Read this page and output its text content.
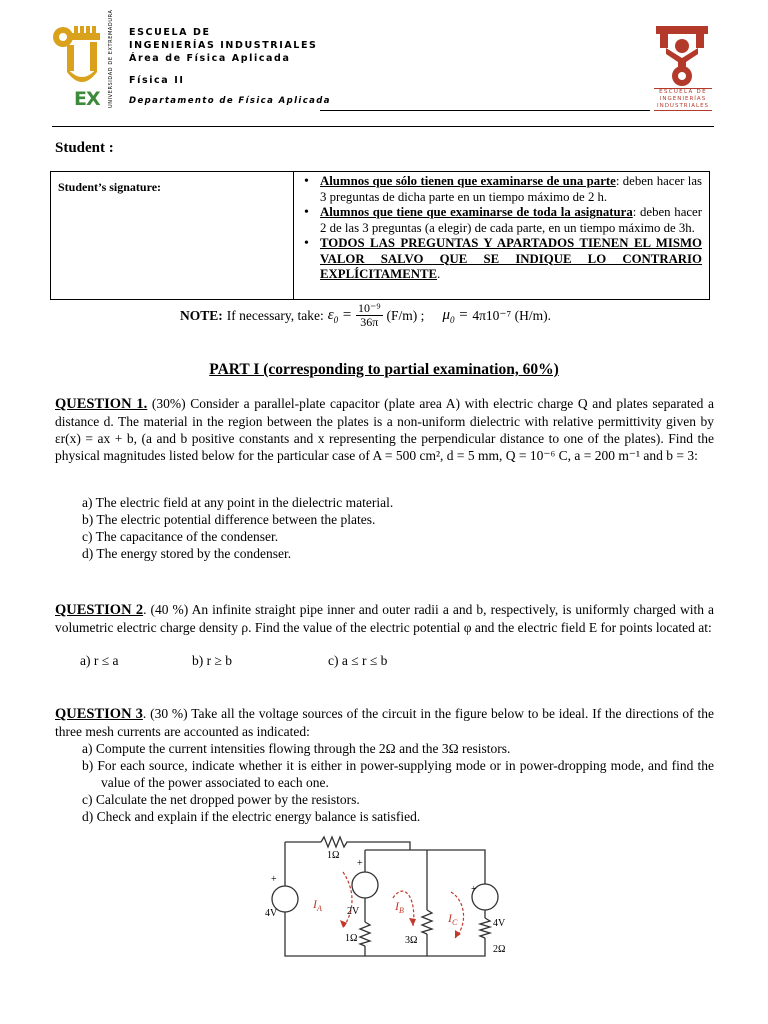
EX UNIVERSIDAD DE EXTREMADURA ESCUELA DE
INGENIERÍAS INDUSTRIALES
Área de Física Aplicada
Física II
Departamento de Física Aplicada
ESCUELA DE
INGENIERÍAS
INDUSTRIALES
Student :
Student’s signature:
•	Alumnos que sólo tienen que examinarse de una parte: deben hacer las 3 preguntas de dicha parte en un tiempo máximo de 2 h.
• Alumnos que tiene que examinarse de toda la asignatura: deben hacer 2 de las 3 preguntas (a elegir) de cada parte, en un tiempo máximo de 3h.
• TODOS LAS PREGUNTAS Y APARTADOS TIENEN EL MISMO VALOR SALVO QUE SE INDIQUE LO CONTRARIO EXPLÍCITAMENTE.
NOTE: If necessary, take: $\varepsilon_0 = \frac{\text{10⁻⁹}}{36\pi} (F/m)$ ; $\mu_0 = 4\pi 10^{-7}$ (H/m).
PART I (corresponding to partial examination, 60%)
QUESTION 1. (30%) Consider a parallel-plate capacitor (plate area A) with electric charge Q and plates separated a distance d. The material in the region between the plates is a non-uniform dielectric with relative permittivity given by εr(x) = ax + b, (a and b positive constants and x representing the perpendicular distance to one of the plates). Find the physical magnitudes listed below for the particular case of A = 500 cm², d = 5 mm, Q = 10⁻⁶ C, a = 200 m⁻¹ and b = 3:
a) The electric field at any point in the dielectric material.
b) The electric potential difference between the plates.
c) The capacitance of the condenser.
d) The energy stored by the condenser.
QUESTION 2. (40 %) An infinite straight pipe inner and outer radii a and b, respectively, is uniformly charged with a volumetric electric charge density ρ. Find the value of the electric potential φ and the electric field E for points located at:
a) r ≤ a	b) r ≥ b	c) a ≤ r ≤ b
QUESTION 3. (30 %) Take all the voltage sources of the circuit in the figure below to be ideal. If the directions of the three mesh currents are accounted as indicated:
a) Compute the current intensities flowing through the 2Ω and the 3Ω resistors.
b) For each source, indicate whether it is either in power-supplying mode or in power-dropping mode, and find the value of the power associated to each one.
c) Calculate the net dropped power by the resistors.
d) Check and explain if the electric energy balance is satisfied.
1Ω
4V
+
2V
+
4V
+
1Ω	3Ω
2Ω
$I_A$	$I_B$
$I_C$
